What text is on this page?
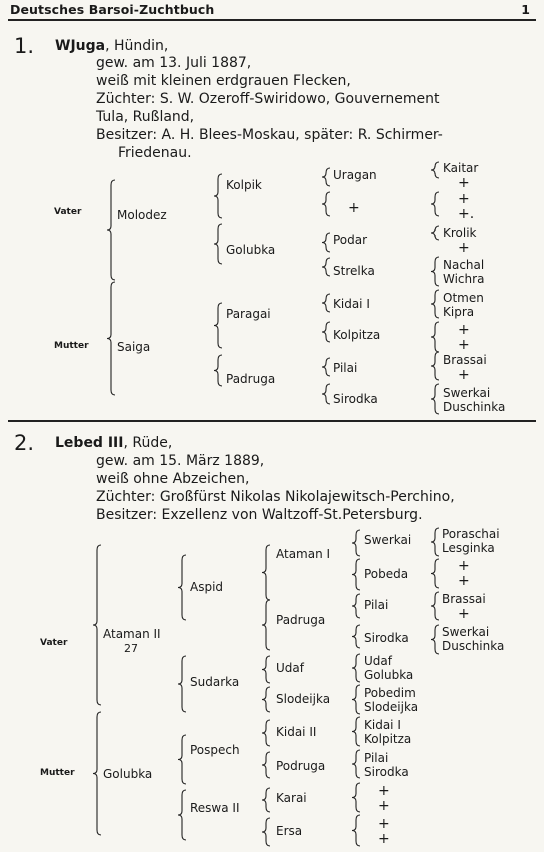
Deutsches Barsoi-Zuchtbuch	1
1. WJuga, Hündin,
gew. am 13. Juli 1887,
weiß mit kleinen erdgrauen Flecken,
Züchter: S. W. Ozeroff-Swiridowo, Gouvernement
Tula, Rußland,
Besitzer: A. H. Blees-Moskau, später: R. Schirmer-
Friedenau.
Vater
Mutter
Molodez
Saiga
Kolpik
Golubka
Paragai
Padruga
Uragan
+
Podar
Strelka
Kidai I
Kolpitza
Pilai
Sirodka
Kaitar
+
+
+.
Krolik
+
Nachal
Wichra
Otmen
Kipra
+
+
Brassai
+
Swerkai
Duschinka
2. Lebed III, Rüde,
gew. am 15. März 1889,
weiß ohne Abzeichen,
Züchter: Großfürst Nikolas Nikolajewitsch-Perchino,
Besitzer: Exzellenz von Waltzoff-St.Petersburg.
Vater
Mutter
Ataman II
27
Golubka
Aspid
Sudarka
Pospech
Reswa II
Ataman I
Padruga
Udaf
Slodeijka
Kidai II
Podruga
Karai
Ersa
Swerkai
Pobeda
Pilai
Sirodka
Udaf
Golubka
Pobedim
Slodeijka
Kidai I
Kolpitza
Pilai
Sirodka
+
+
+
+
Poraschai
Lesginka
+
+
Brassai
+
Swerkai
Duschinka
